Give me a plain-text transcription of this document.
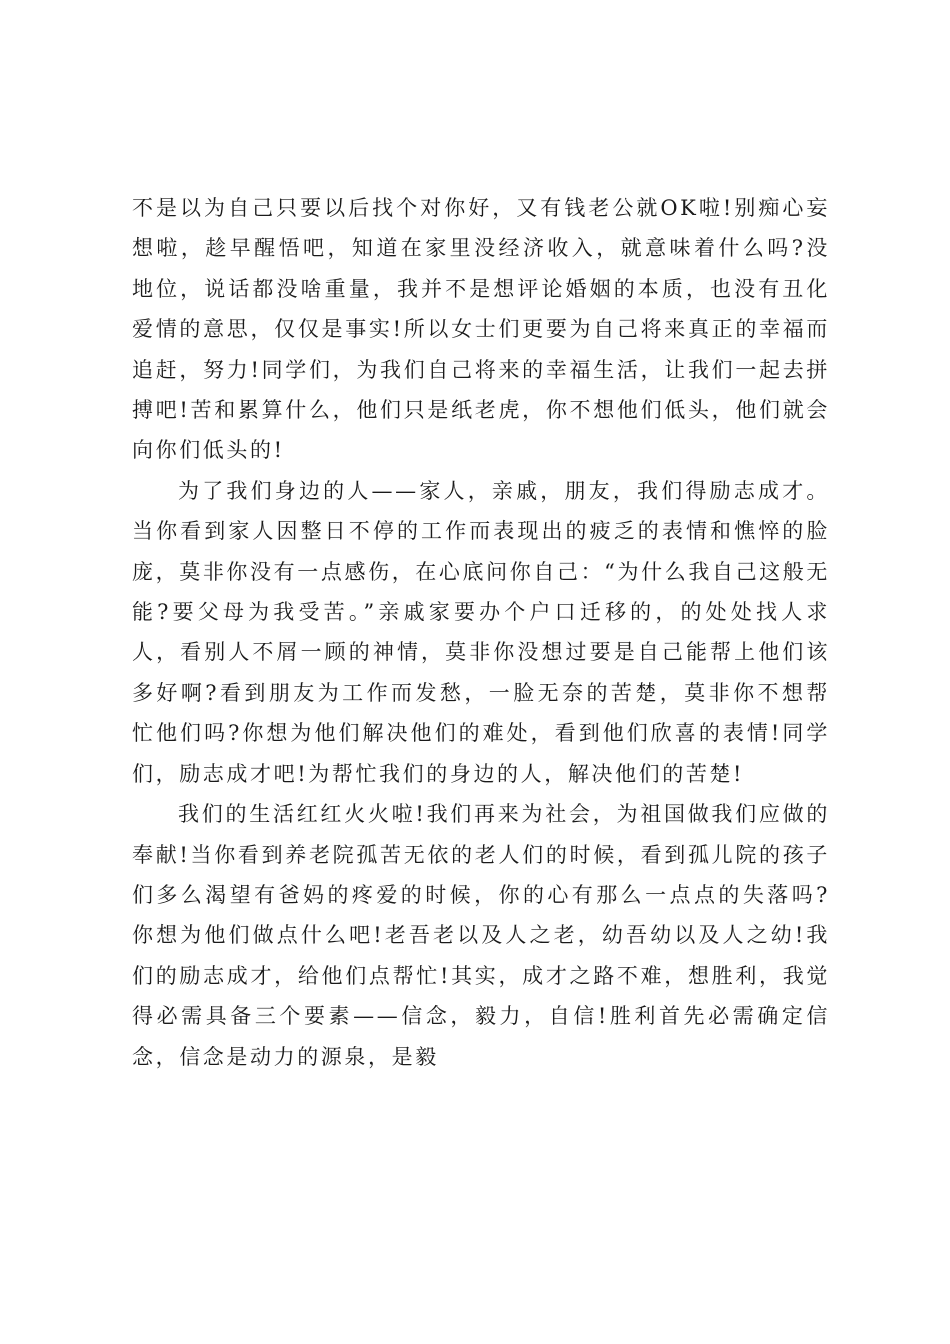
不是以为自己只要以后找个对你好，又有钱老公就OK啦!别痴心妄想啦，趁早醒悟吧，知道在家里没经济收入，就意味着什么吗?没地位，说话都没啥重量，我并不是想评论婚姻的本质，也没有丑化爱情的意思，仅仅是事实!所以女士们更要为自己将来真正的幸福而追赶，努力!同学们，为我们自己将来的幸福生活，让我们一起去拼搏吧!苦和累算什么，他们只是纸老虎，你不想他们低头，他们就会向你们低头的!

为了我们身边的人——家人，亲戚，朋友，我们得励志成才。当你看到家人因整日不停的工作而表现出的疲乏的表情和憔悴的脸庞，莫非你没有一点感伤，在心底问你自己：“为什么我自己这般无能?要父母为我受苦。”亲戚家要办个户口迁移的，的处处找人求人，看别人不屑一顾的神情，莫非你没想过要是自己能帮上他们该多好啊?看到朋友为工作而发愁，一脸无奈的苦楚，莫非你不想帮忙他们吗?你想为他们解决他们的难处，看到他们欣喜的表情!同学们，励志成才吧!为帮忙我们的身边的人，解决他们的苦楚!

我们的生活红红火火啦!我们再来为社会，为祖国做我们应做的奉献!当你看到养老院孤苦无依的老人们的时候，看到孤儿院的孩子们多么渴望有爸妈的疼爱的时候，你的心有那么一点点的失落吗?你想为他们做点什么吧!老吾老以及人之老，幼吾幼以及人之幼!我们的励志成才，给他们点帮忙!其实，成才之路不难，想胜利，我觉得必需具备三个要素——信念，毅力，自信!胜利首先必需确定信念，信念是动力的源泉，是毅
